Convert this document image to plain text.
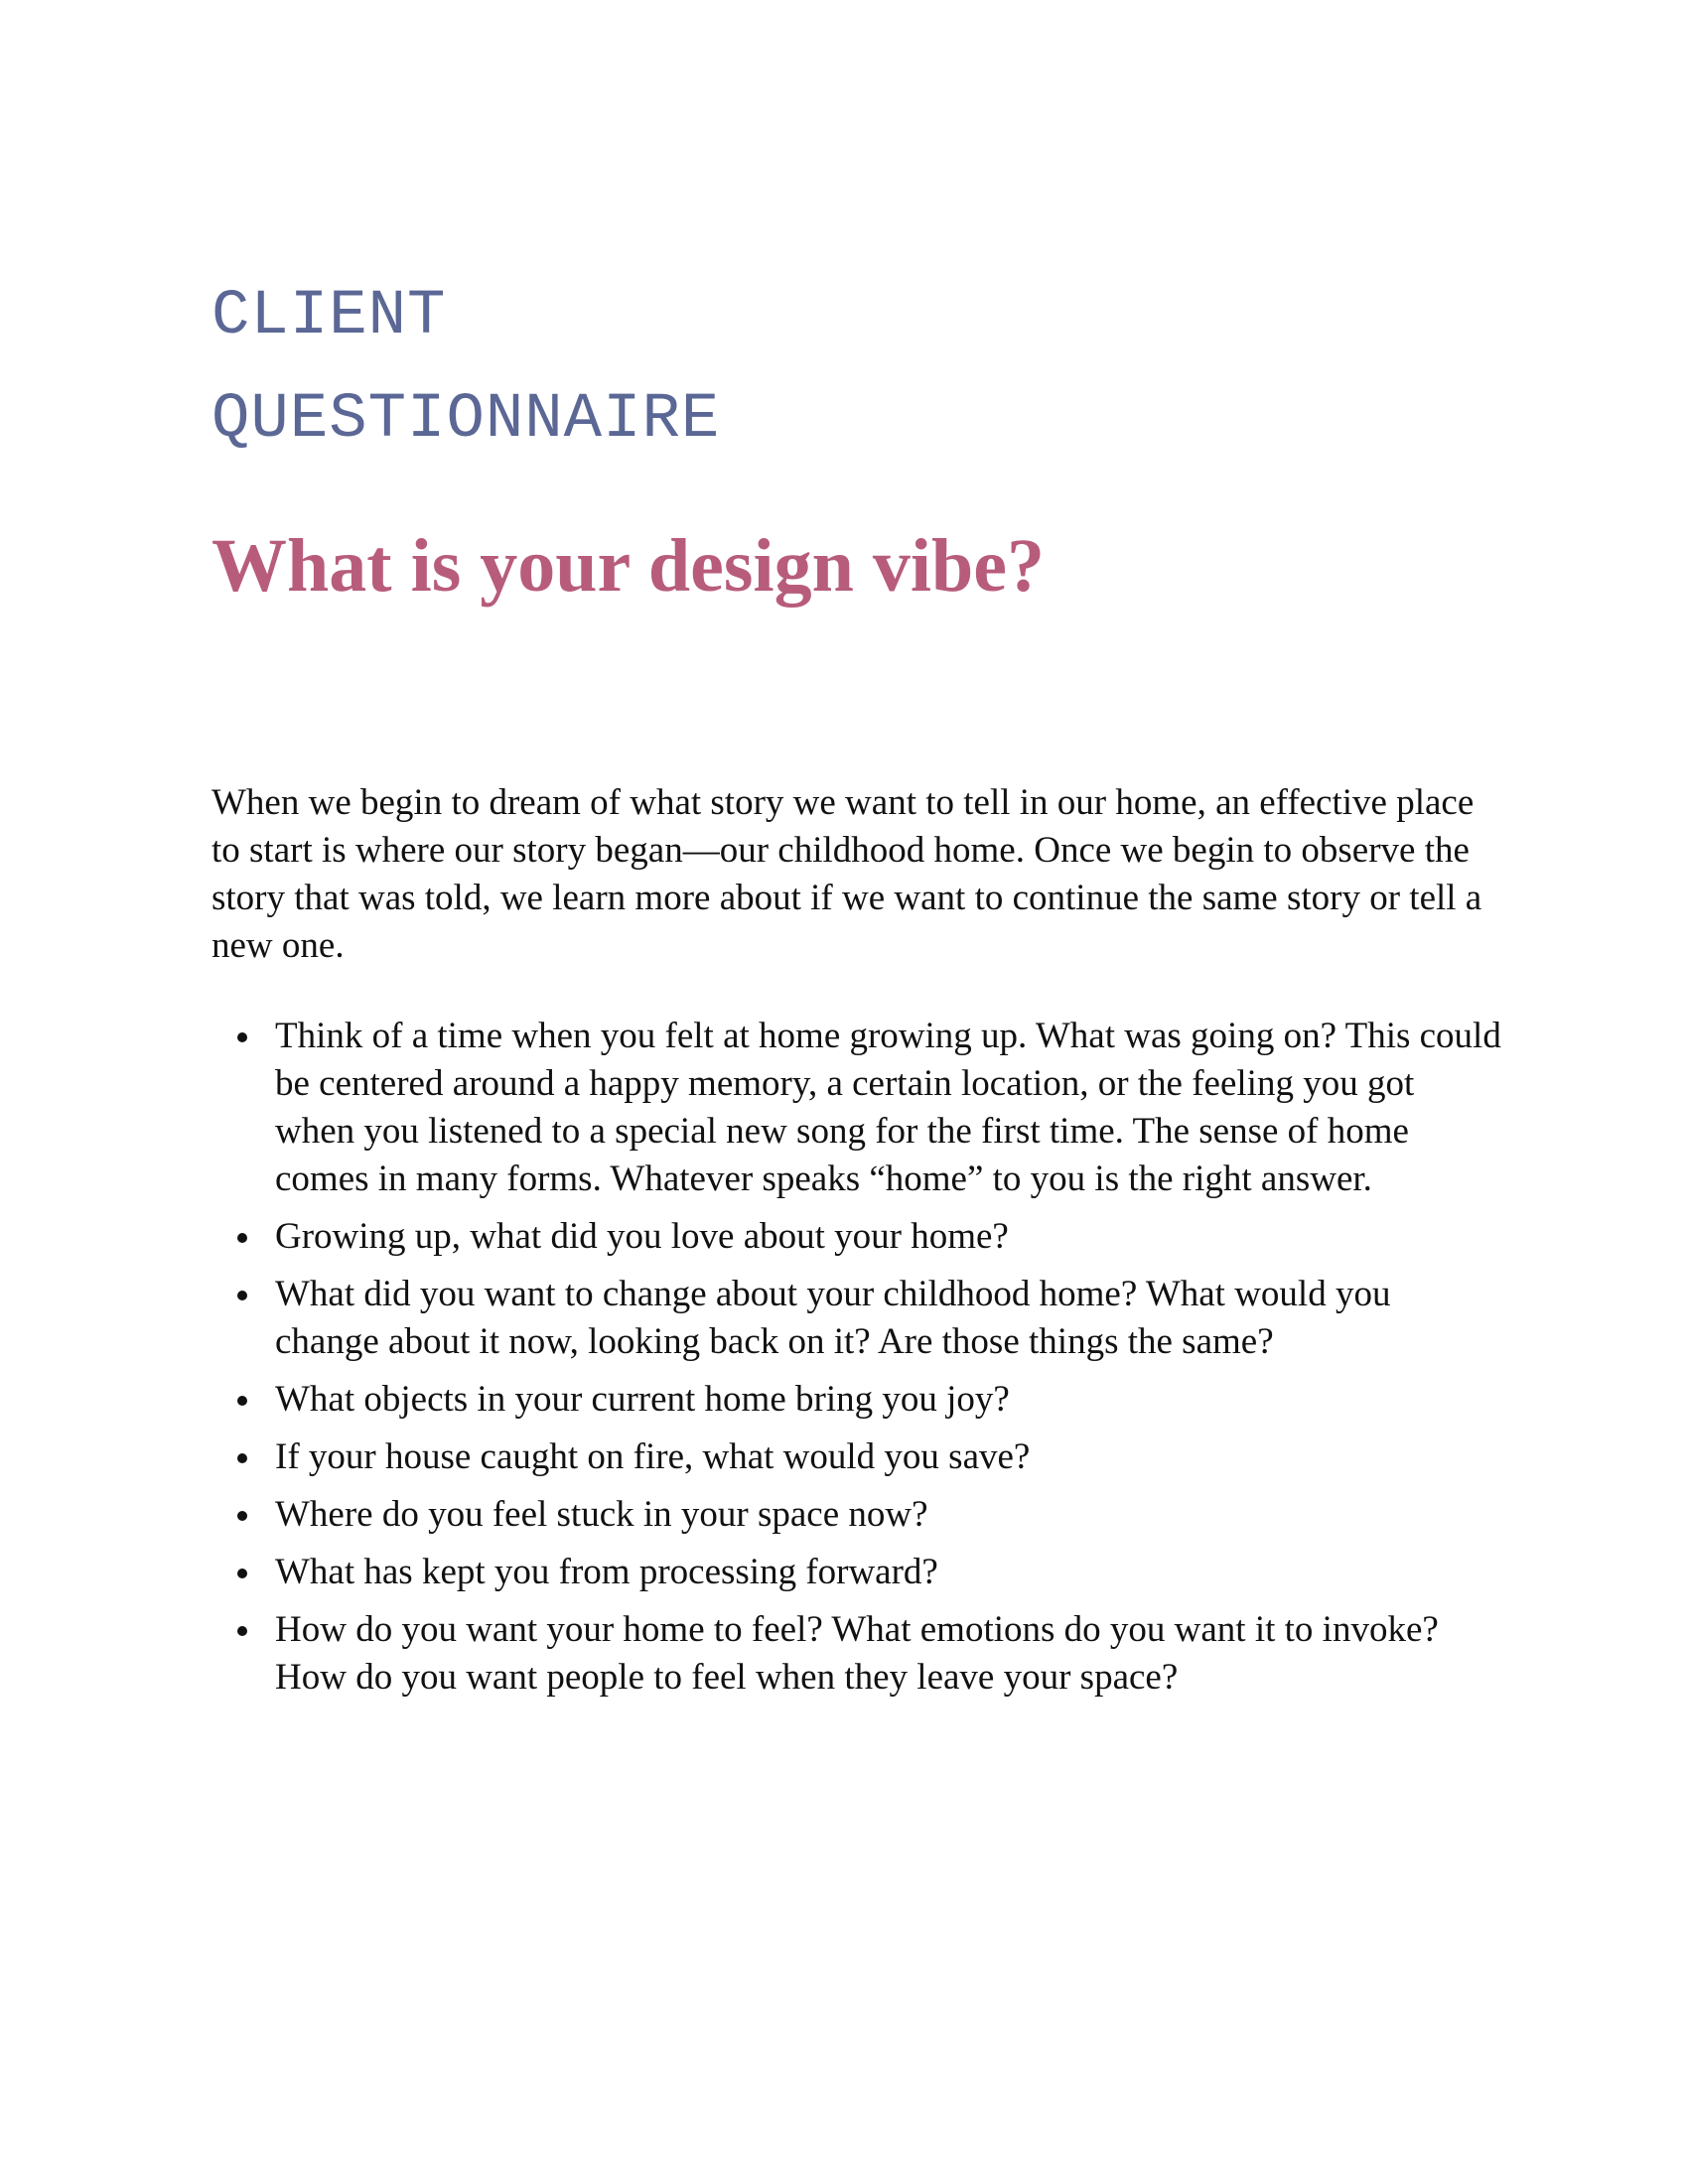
CLIENT

QUESTIONNAIRE

What is your design vibe?

When we begin to dream of what story we want to tell in our home, an effective place to start is where our story began—our childhood home. Once we begin to observe the story that was told, we learn more about if we want to continue the same story or tell a new one.

Think of a time when you felt at home growing up. What was going on? This could be centered around a happy memory, a certain location, or the feeling you got when you listened to a special new song for the first time. The sense of home comes in many forms. Whatever speaks “home” to you is the right answer.
Growing up, what did you love about your home?
What did you want to change about your childhood home? What would you change about it now, looking back on it? Are those things the same?
What objects in your current home bring you joy?
If your house caught on fire, what would you save?
Where do you feel stuck in your space now?
What has kept you from processing forward?
How do you want your home to feel? What emotions do you want it to invoke? How do you want people to feel when they leave your space?
